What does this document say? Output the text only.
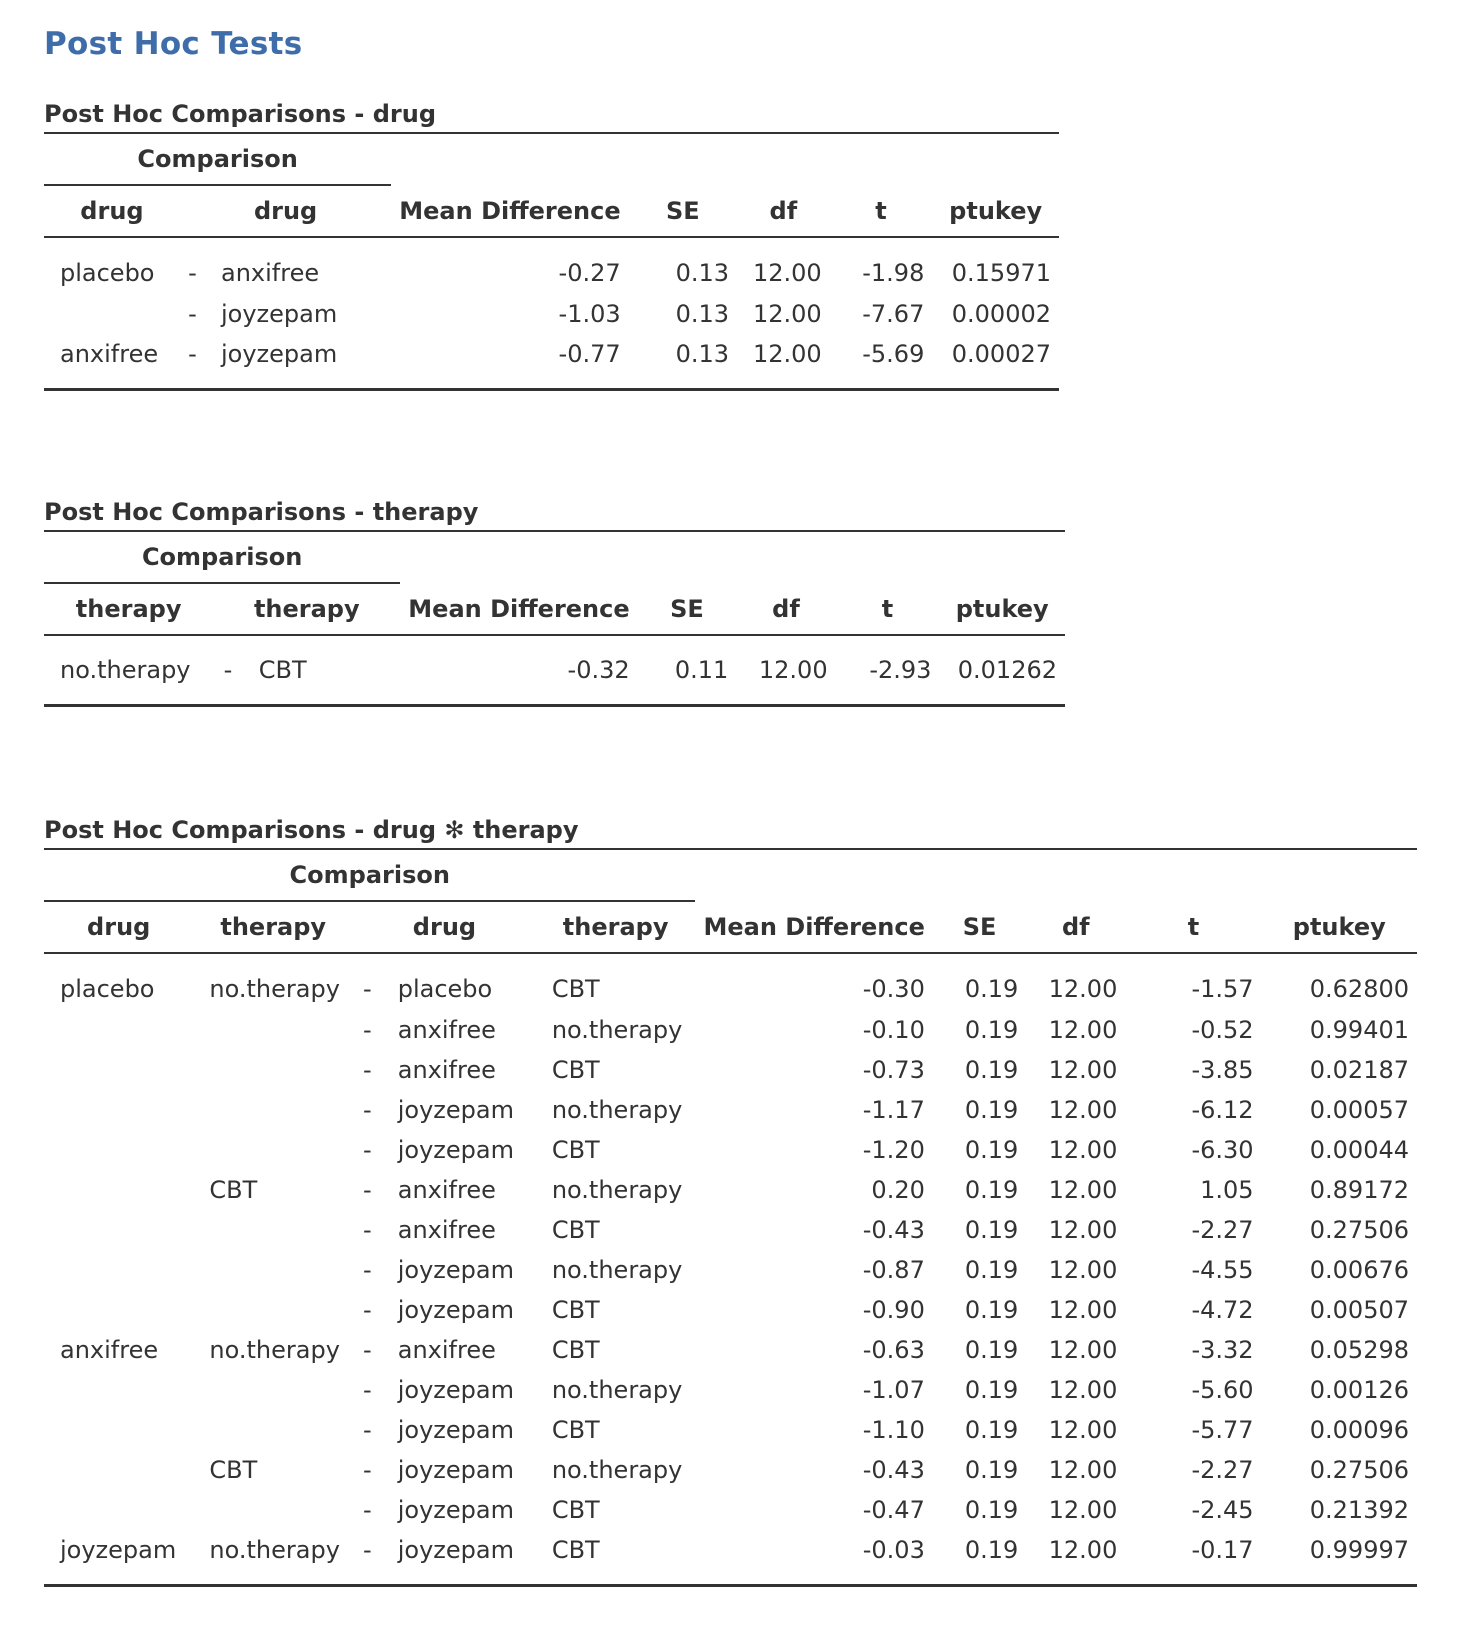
Post Hoc Tests
Post Hoc Comparisons - drug
Comparison							
drug	drug		Mean Difference	SE	df	t	ptukey
placebo	-	anxifree	-0.27	0.13	12.00	-1.98	0.15971
	-	joyzepam	-1.03	0.13	12.00	-7.67	0.00002
anxifree	-	joyzepam	-0.77	0.13	12.00	-5.69	0.00027
Post Hoc Comparisons - therapy
Comparison							
therapy	therapy		Mean Difference	SE	df	t	ptukey
no.therapy	-	CBT	-0.32	0.11	12.00	-2.93	0.01262
Post Hoc Comparisons - drug ✻ therapy
Comparison									
drug	therapy	drug		therapy	Mean Difference	SE	df	t	ptukey
placebo	no.therapy	-	placebo	CBT	-0.30	0.19	12.00	-1.57	0.62800
		-	anxifree	no.therapy	-0.10	0.19	12.00	-0.52	0.99401
		-	anxifree	CBT	-0.73	0.19	12.00	-3.85	0.02187
		-	joyzepam	no.therapy	-1.17	0.19	12.00	-6.12	0.00057
		-	joyzepam	CBT	-1.20	0.19	12.00	-6.30	0.00044
	CBT	-	anxifree	no.therapy	0.20	0.19	12.00	1.05	0.89172
		-	anxifree	CBT	-0.43	0.19	12.00	-2.27	0.27506
		-	joyzepam	no.therapy	-0.87	0.19	12.00	-4.55	0.00676
		-	joyzepam	CBT	-0.90	0.19	12.00	-4.72	0.00507
anxifree	no.therapy	-	anxifree	CBT	-0.63	0.19	12.00	-3.32	0.05298
		-	joyzepam	no.therapy	-1.07	0.19	12.00	-5.60	0.00126
		-	joyzepam	CBT	-1.10	0.19	12.00	-5.77	0.00096
	CBT	-	joyzepam	no.therapy	-0.43	0.19	12.00	-2.27	0.27506
		-	joyzepam	CBT	-0.47	0.19	12.00	-2.45	0.21392
joyzepam	no.therapy	-	joyzepam	CBT	-0.03	0.19	12.00	-0.17	0.99997
